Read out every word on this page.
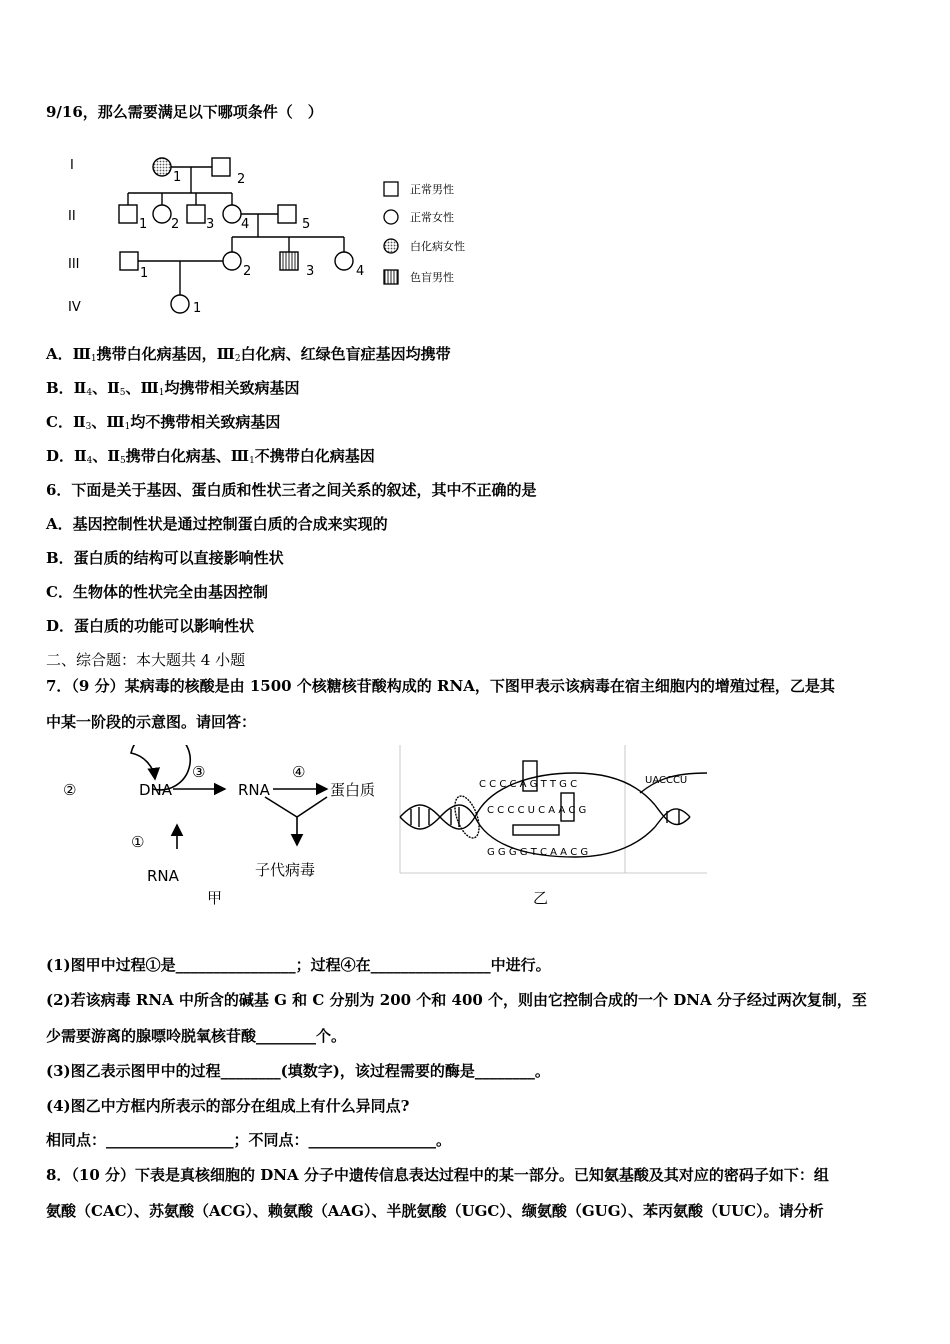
9/16，那么需要满足以下哪项条件（　）
I
II
III
IV
1	2
1 2 3 4	5
1	2	3	4
1
正常男性
正常女性
白化病女性
色盲男性
A．$Ⅲ_1$携带白化病基因，$Ⅲ_2$白化病、红绿色盲症基因均携带
B．$Ⅱ_4$、$Ⅱ_5$、$Ⅲ_1$均携带相关致病基因
C．$Ⅱ_3$、$Ⅲ_1$均不携带相关致病基因
D．$Ⅱ_4$、$Ⅱ_5$携带白化病基、$Ⅲ_1$不携带白化病基因
6．下面是关于基因、蛋白质和性状三者之间关系的叙述，其中不正确的是
A．基因控制性状是通过控制蛋白质的合成来实现的
B．蛋白质的结构可以直接影响性状
C．生物体的性状完全由基因控制
D．蛋白质的功能可以影响性状
二、综合题：本大题共 4 小题
7．（9 分）某病毒的核酸是由 1500 个核糖核苷酸构成的 RNA，下图甲表示该病毒在宿主细胞内的增殖过程，乙是其
中某一阶段的示意图。请回答：
②	DNA
③
RNA
④
蛋白质
①
RNA	子代病毒
甲
C C C C A G T T G C
C C C C U C A A C G
G G G G T C A A C G
UACCCU
乙
(1)图甲中过程①是________________；过程④在________________中进行。
(2)若该病毒 RNA 中所含的碱基 G 和 C 分别为 200 个和 400 个，则由它控制合成的一个 DNA 分子经过两次复制，至
少需要游离的腺嘌呤脱氧核苷酸________个。
(3)图乙表示图甲中的过程________(填数字)，该过程需要的酶是________。
(4)图乙中方框内所表示的部分在组成上有什么异同点?
相同点：_________________；不同点：_________________。
8．（10 分）下表是真核细胞的 DNA 分子中遗传信息表达过程中的某一部分。已知氨基酸及其对应的密码子如下：组
氨酸（CAC）、苏氨酸（ACG）、赖氨酸（AAG）、半胱氨酸（UGC）、缬氨酸（GUG）、苯丙氨酸（UUC）。请分析
